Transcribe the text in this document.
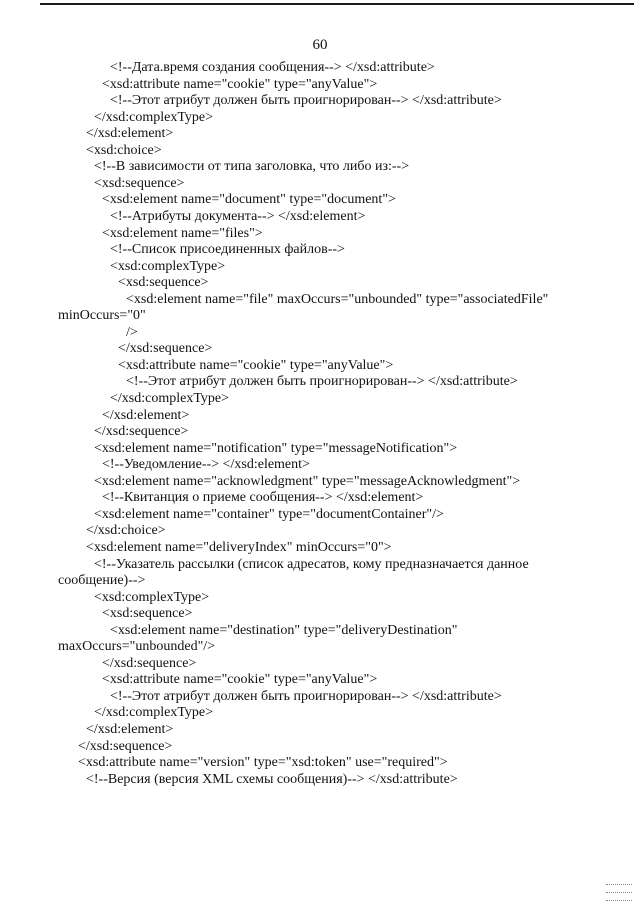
60
<!--Дата.время создания сообщения--> </xsd:attribute>
<xsd:attribute name="cookie" type="anyValue">
<!--Этот атрибут должен быть проигнорирован--> </xsd:attribute>
</xsd:complexType>
</xsd:element>
<xsd:choice>
<!--В зависимости от типа заголовка, что либо из:-->
<xsd:sequence>
<xsd:element name="document" type="document">
<!--Атрибуты документа--> </xsd:element>
<xsd:element name="files">
<!--Список присоединенных файлов-->
<xsd:complexType>
<xsd:sequence>
<xsd:element name="file" maxOccurs="unbounded" type="associatedFile"
minOccurs="0"
/>
</xsd:sequence>
<xsd:attribute name="cookie" type="anyValue">
<!--Этот атрибут должен быть проигнорирован--> </xsd:attribute>
</xsd:complexType>
</xsd:element>
</xsd:sequence>
<xsd:element name="notification" type="messageNotification">
<!--Уведомление--> </xsd:element>
<xsd:element name="acknowledgment" type="messageAcknowledgment">
<!--Квитанция о приеме сообщения--> </xsd:element>
<xsd:element name="container" type="documentContainer"/>
</xsd:choice>
<xsd:element name="deliveryIndex" minOccurs="0">
<!--Указатель рассылки (список адресатов, кому предназначается данное
сообщение)-->
<xsd:complexType>
<xsd:sequence>
<xsd:element name="destination" type="deliveryDestination"
maxOccurs="unbounded"/>
</xsd:sequence>
<xsd:attribute name="cookie" type="anyValue">
<!--Этот атрибут должен быть проигнорирован--> </xsd:attribute>
</xsd:complexType>
</xsd:element>
</xsd:sequence>
<xsd:attribute name="version" type="xsd:token" use="required">
<!--Версия (версия XML схемы сообщения)--> </xsd:attribute>
